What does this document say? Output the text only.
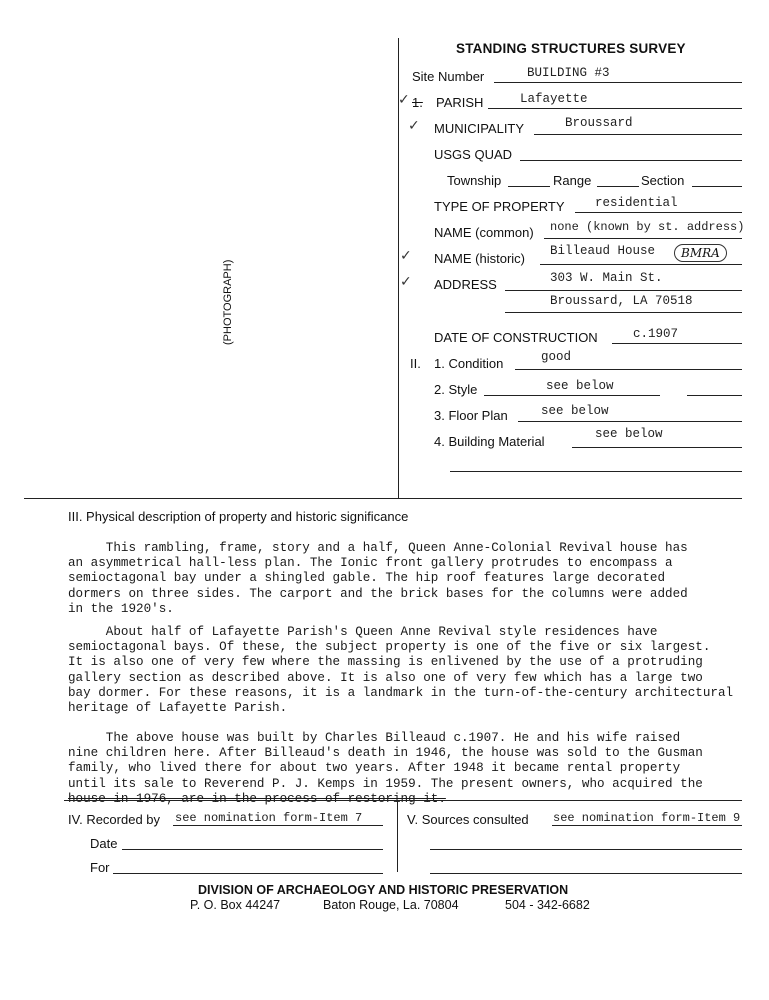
(PHOTOGRAPH)
STANDING STRUCTURES SURVEY
Site Number	BUILDING #3
✓ 1. PARISH	Lafayette
✓ MUNICIPALITY	Broussard
USGS QUAD
Township	Range	Section
TYPE OF PROPERTY residential
NAME (common) none (known by st. address)
✓ NAME (historic) Billeaud House	BMRA
✓ ADDRESS	303 W. Main St.
Broussard, LA 70518
DATE OF CONSTRUCTION	c.1907
II. 1. Condition	good
2. Style	see below
3. Floor Plan	see below
4. Building Material	see below
III. Physical description of property and historic significance
This rambling, frame, story and a half, Queen Anne-Colonial Revival house has
an asymmetrical hall-less plan. The Ionic front gallery protrudes to encompass a
semioctagonal bay under a shingled gable. The hip roof features large decorated
dormers on three sides. The carport and the brick bases for the columns were added
in the 1920's.
About half of Lafayette Parish's Queen Anne Revival style residences have
semioctagonal bays. Of these, the subject property is one of the five or six largest.
It is also one of very few where the massing is enlivened by the use of a protruding
gallery section as described above. It is also one of very few which has a large two
bay dormer. For these reasons, it is a landmark in the turn-of-the-century architectural
heritage of Lafayette Parish.
The above house was built by Charles Billeaud c.1907. He and his wife raised
nine children here. After Billeaud's death in 1946, the house was sold to the Gusman
family, who lived there for about two years. After 1948 it became rental property
until its sale to Reverend P. J. Kemps in 1959. The present owners, who acquired the
house in 1976, are in the process of restoring it.
IV. Recorded by see nomination form-Item 7
Date
For
V. Sources consulted see nomination form-Item 9
DIVISION OF ARCHAEOLOGY AND HISTORIC PRESERVATION
P. O. Box 44247	Baton Rouge, La. 70804	504 - 342-6682
